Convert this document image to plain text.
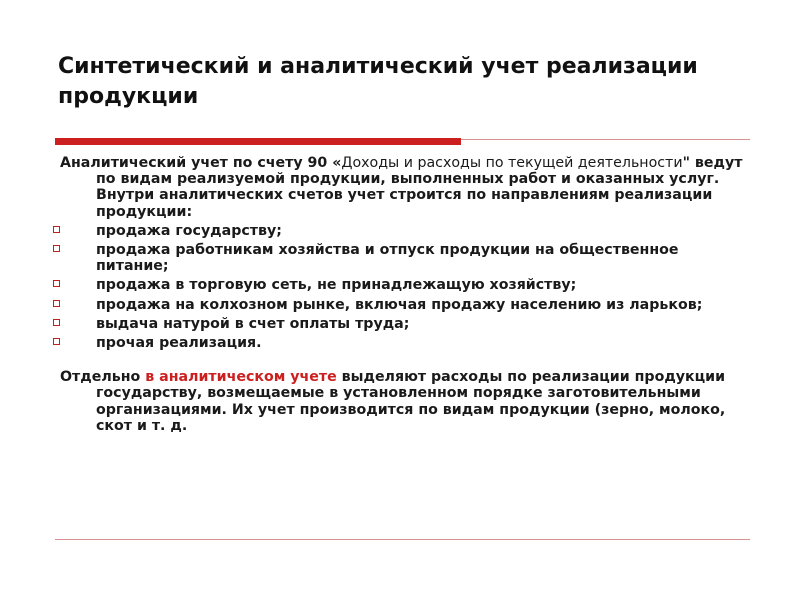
Синтетический и аналитический учет реализации продукции

Аналитический учет по счету 90 «Доходы и расходы по текущей деятельности" ведут по видам реализуемой продукции, выполненных работ и оказанных услуг. Внутри аналитических счетов учет строится по направлениям реализации продукции:

продажа государству;
продажа работникам хозяйства и отпуск продукции на общественное питание;
продажа в торговую сеть, не принадлежащую хозяйству;
продажа на колхозном рынке, включая продажу населению из ларьков;
выдача натурой в счет оплаты труда;
прочая реализация.

Отдельно в аналитическом учете выделяют расходы по реализации продукции государству, возмещаемые в установленном порядке заготовительными организациями. Их учет производится по видам продукции (зерно, молоко, скот и т. д.
